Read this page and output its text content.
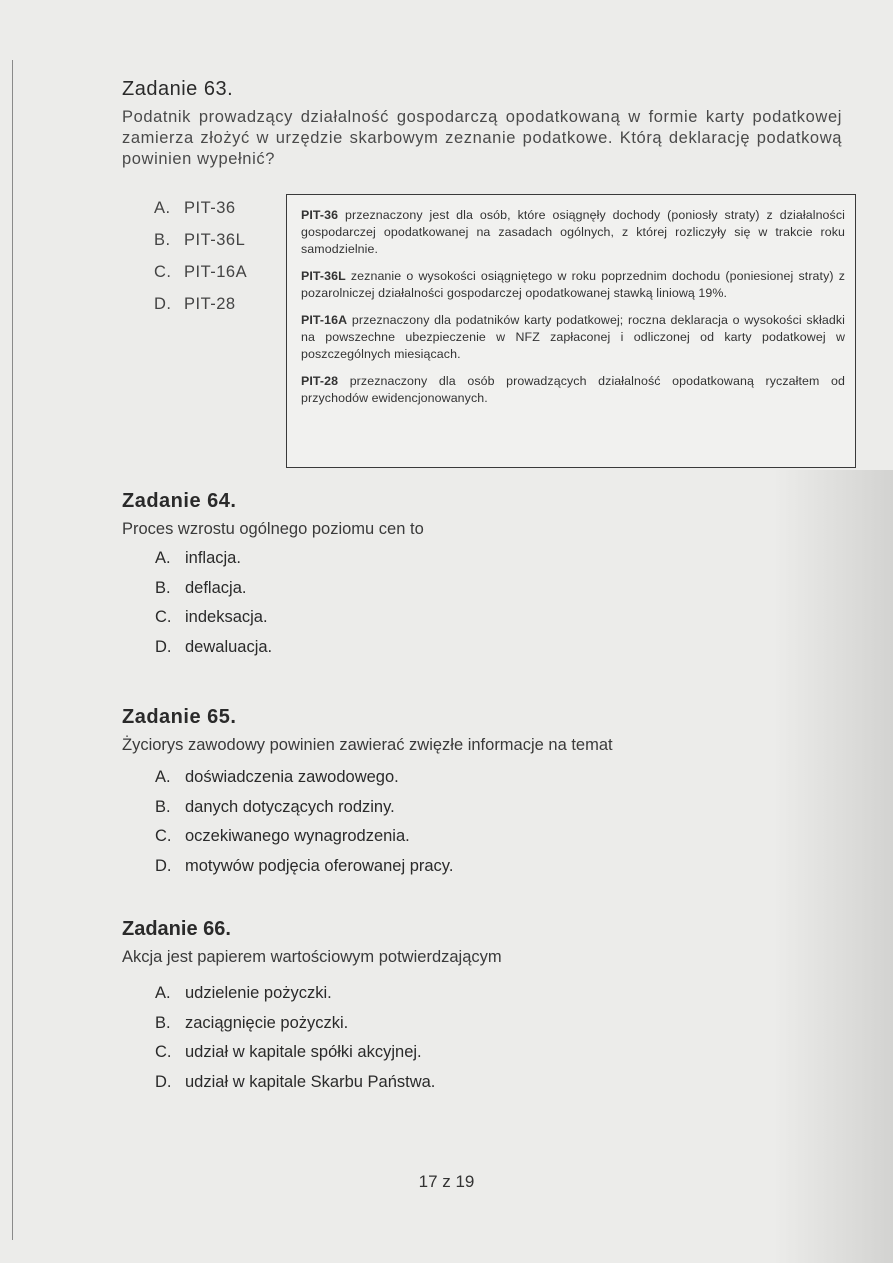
Zadanie 63.

Podatnik prowadzący działalność gospodarczą opodatkowaną w formie karty podatkowej zamierza złożyć w urzędzie skarbowym zeznanie podatkowe. Którą deklarację podatkową powinien wypełnić?

A. PIT-36
B. PIT-36L
C. PIT-16A
D. PIT-28

PIT-36 przeznaczony jest dla osób, które osiągnęły dochody (poniosły straty) z działalności gospodarczej opodatkowanej na zasadach ogólnych, z której rozliczyły się w trakcie roku samodzielnie.

PIT-36L zeznanie o wysokości osiągniętego w roku poprzednim dochodu (poniesionej straty) z pozarolniczej działalności gospodarczej opodatkowanej stawką liniową 19%.

PIT-16A przeznaczony dla podatników karty podatkowej; roczna deklaracja o wysokości składki na powszechne ubezpieczenie w NFZ zapłaconej i odliczonej od karty podatkowej w poszczególnych miesiącach.

PIT-28 przeznaczony dla osób prowadzących działalność opodatkowaną ryczałtem od przychodów ewidencjonowanych.

Zadanie 64.

Proces wzrostu ogólnego poziomu cen to

A. inflacja.
B. deflacja.
C. indeksacja.
D. dewaluacja.
Zadanie 65.

Życiorys zawodowy powinien zawierać zwięzłe informacje na temat

A. doświadczenia zawodowego.
B. danych dotyczących rodziny.
C. oczekiwanego wynagrodzenia.
D. motywów podjęcia oferowanej pracy.
Zadanie 66.

Akcja jest papierem wartościowym potwierdzającym

A. udzielenie pożyczki.
B. zaciągnięcie pożyczki.
C. udział w kapitale spółki akcyjnej.
D. udział w kapitale Skarbu Państwa.
17 z 19
